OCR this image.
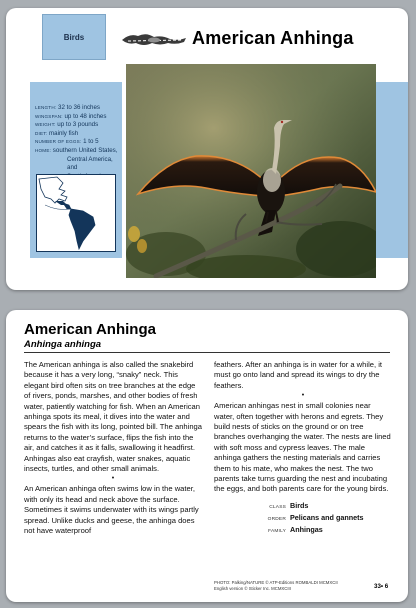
Birds	American Anhinga
LENGTH: 32 to 36 inches
WINGSPAN: up to 48 inches
WEIGHT: up to 3 pounds
DIET: mainly fish
NUMBER OF EGGS: 1 to 5
HOME: southern United States,
Central America, and
American Anhinga
Anhinga anhinga

The American anhinga is also called the snakebird because it has a very long, “snaky” neck. This elegant bird often sits on tree branches at the edge of rivers, ponds, marshes, and other bodies of fresh water, patiently watching for fish. When an American anhinga spots its meal, it dives into the water and spears the fish with its long, pointed bill. The anhinga returns to the water’s surface, flips the fish into the air, and catches it as it falls, swallowing it headfirst. Anhingas also eat crayfish, water snakes, aquatic insects, turtles, and other small animals.

•

An American anhinga often swims low in the water, with only its head and neck above the surface. Sometimes it swims underwater with its wings partly spread. Unlike ducks and geese, the anhinga does not have waterproof

feathers. After an anhinga is in water for a while, it must go onto land and spread its wings to dry the feathers.

•

American anhingas nest in small colonies near water, often together with herons and egrets. They build nests of sticks on the ground or on tree branches overhanging the water. The nests are lined with soft moss and cypress leaves. The male anhinga gathers the nesting materials and carries them to his mate, who makes the nest. The two parents take turns guarding the nest and incubating the eggs, and both parents care for the young birds.

CLASS Birds
ORDER Pelicans and gannets
FAMILY Anhingas
PHOTO: Palking/NATURE © ATP-Editions ROMBALDI MCMXCII
English version © Sticker Inc. MCMXCIII	33• 6
